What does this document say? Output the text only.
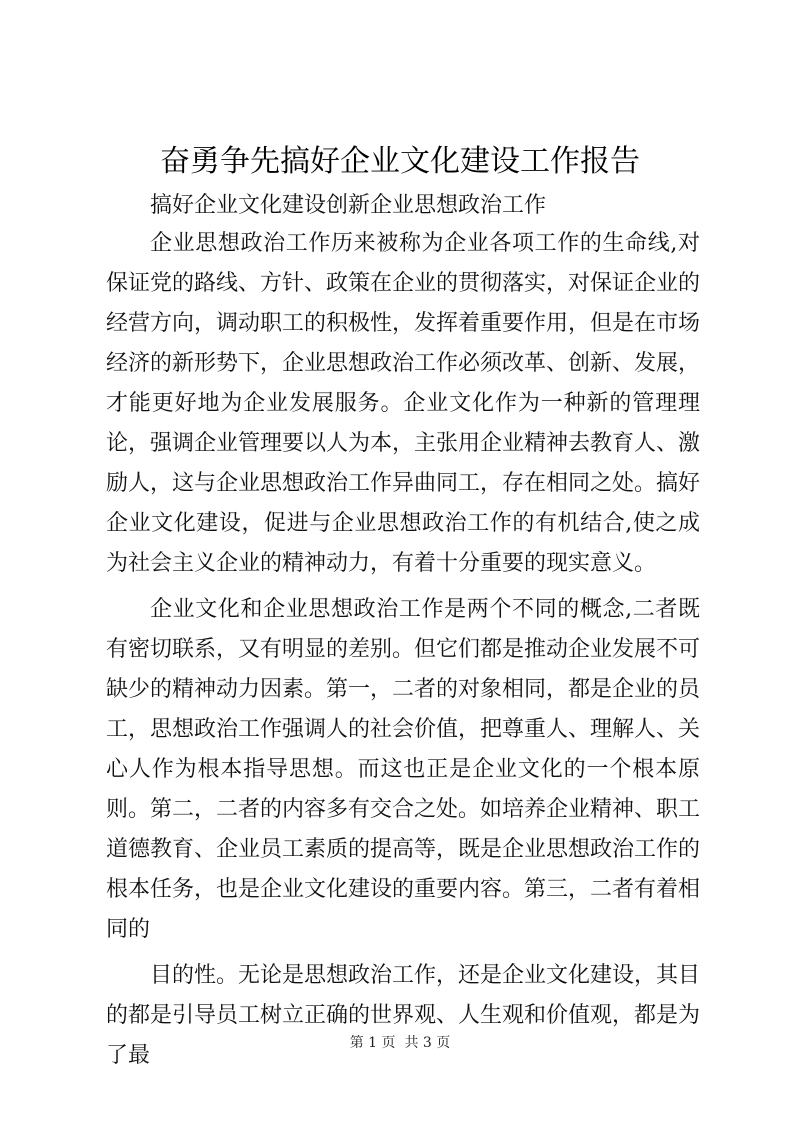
奋勇争先搞好企业文化建设工作报告

搞好企业文化建设创新企业思想政治工作

企业思想政治工作历来被称为企业各项工作的生命线,对保证党的路线、方针、政策在企业的贯彻落实，对保证企业的经营方向，调动职工的积极性，发挥着重要作用，但是在市场经济的新形势下，企业思想政治工作必须改革、创新、发展，才能更好地为企业发展服务。企业文化作为一种新的管理理论，强调企业管理要以人为本，主张用企业精神去教育人、激励人，这与企业思想政治工作异曲同工，存在相同之处。搞好企业文化建设，促进与企业思想政治工作的有机结合,使之成为社会主义企业的精神动力，有着十分重要的现实意义。

企业文化和企业思想政治工作是两个不同的概念,二者既有密切联系，又有明显的差别。但它们都是推动企业发展不可缺少的精神动力因素。第一，二者的对象相同，都是企业的员工，思想政治工作强调人的社会价值，把尊重人、理解人、关心人作为根本指导思想。而这也正是企业文化的一个根本原则。第二，二者的内容多有交合之处。如培养企业精神、职工道德教育、企业员工素质的提高等，既是企业思想政治工作的根本任务，也是企业文化建设的重要内容。第三，二者有着相同的

目的性。无论是思想政治工作，还是企业文化建设，其目的都是引导员工树立正确的世界观、人生观和价值观，都是为了最	第 1 页  共 3 页
